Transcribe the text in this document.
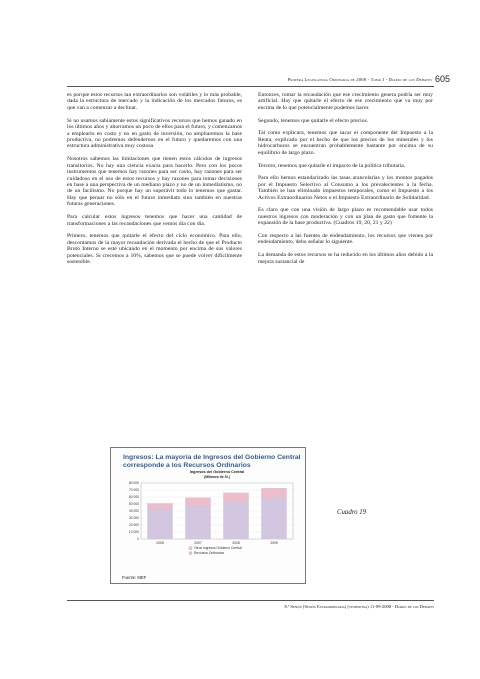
Primera Legislatura Ordinaria de 2008 - Tomo I - Diario de los Debates 605

es porque estos recursos tan extraordinarios son volátiles y lo más probable, dada la estructura de mercado y la indicación de los mercados futuros, es que van a comenzar a declinar.

Si no usamos sabiamente estos significativos recursos que hemos ganado en los últimos años y ahorramos un poco de ellos para el futuro, y comenzamos a emplearlo en costo y no en gasto de inversión, no ampliaremos la base productiva, no podremos defendernos en el futuro y quedaremos con una estructura administrativa muy costosa.

Nosotros sabemos las limitaciones que tienen estos cálculos de ingresos transitorios. No hay una ciencia exacta para hacerlo. Pero con los pocos instrumentos que tenemos hay razones para ser cauto, hay razones para ser cuidadoso en el uso de estos recursos y hay razones para tomar decisiones en base a una perspectiva de un mediano plazo y no de un inmediatismo, no de un facilismo. No porque hay un superávit todo lo tenemos que gastar. Hay que pensar no sólo en el futuro inmediato sino también en nuestras futuras generaciones.

Para calcular estos ingresos tenemos que hacer una cantidad de transformaciones a las recaudaciones que vemos día con día.

Primero, tenemos que quitarle el efecto del ciclo económico. Para ello, descontamos de la mayor recaudación derivada el hecho de que el Producto Bruto Interno se esté ubicando en el momento por encima de sus valores potenciales. Si crecemos a 10%, sabemos que se puede volver difícilmente sostenible.

Entonces, tomar la recaudación que ese crecimiento genera podría ser muy artificial. Hay que quitarle el efecto de ese crecimiento que va muy por encima de lo que potencialmente podemos hacer.

Segundo, tenemos que quitarle el efecto precios.

Tal como explicara, tenemos que sacar el componente del Impuesto a la Renta, explicado por el hecho de que los precios de los minerales y los hidrocarburos se encuentran probablemente bastante por encima de su equilibrio de largo plazo.

Tercero, tenemos que quitarle el impacto de la política tributaria.

Para ello hemos estandarizado las tasas arancelarias y los montos pagados por el Impuesto Selectivo al Consumo a los prevalecientes a la fecha. También se han eliminado impuestos temporales, como el Impuesto a los Activos Extraordinarios Netos o el Impuesto Extraordinario de Solidaridad.

Es claro que con una visión de largo plazo es recomendable usar todos nuestros ingresos con moderación y con un plan de gasto que fomente la expansión de la base productiva. (Cuadros 19, 20, 21 y 22)

Con respecto a las fuentes de endeudamiento, los recursos que vienen por endeudamiento, debo señalar lo siguiente.

La demanda de estos recursos se ha reducido en los últimos años debido a la mejora sustancial de

Ingresos: La mayoría de Ingresos del Gobierno Central corresponde a los Recursos Ordinarios
Ingresos del Gobierno Central
(Millones de S/.)
80 000
70 000
60 000
50 000
40 000
30 000
20 000
10 000
0
2006	2007	2008	2009
Otros Ingresos Gobierno Central
Recursos Ordinarios
Fuente: MEF
Cuadro 19
8.ª Sesión (Sesión Extraordinaria) (vespertina) 11-09-2008 - Diario de los Debates
